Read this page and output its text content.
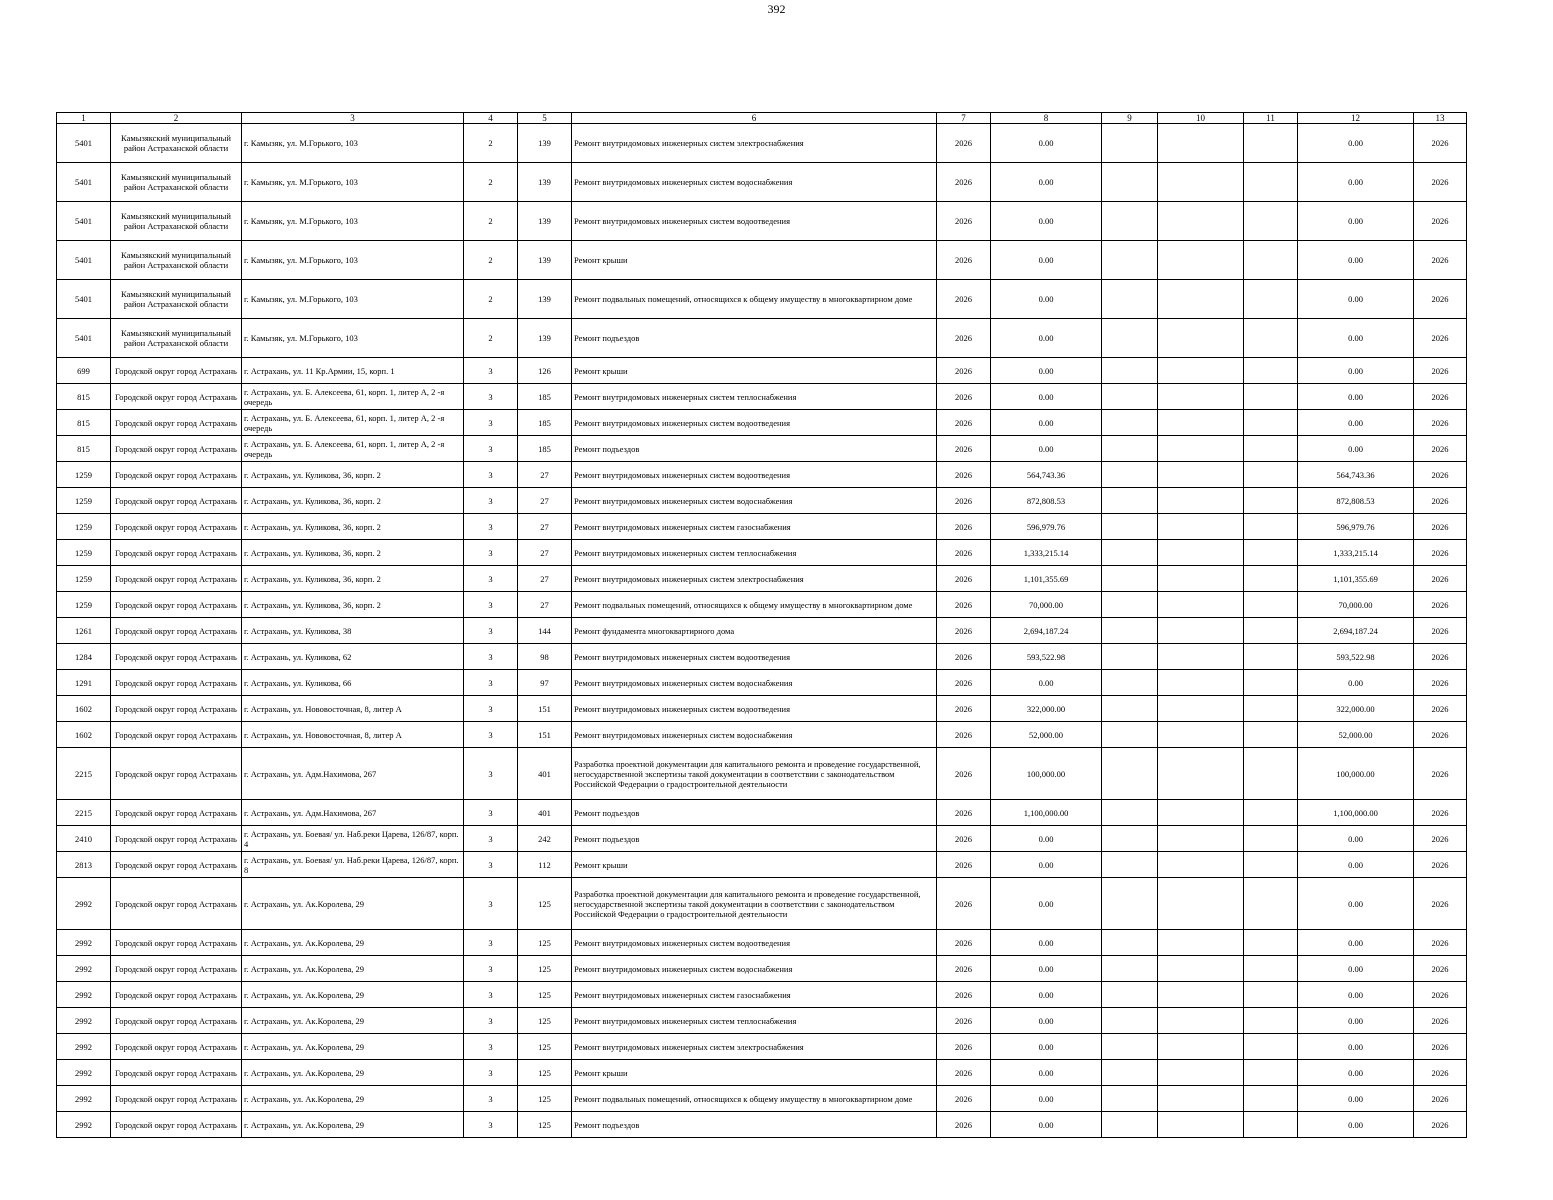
392
1	2	3	4	5	6	7	8	9	10	11	12	13
5401	Камызякский муниципальный район Астраханской области	г. Камызяк, ул. М.Горького, 103	2	139	Ремонт внутридомовых инженерных систем электроснабжения	2026	0.00				0.00	2026
5401	Камызякский муниципальный район Астраханской области	г. Камызяк, ул. М.Горького, 103	2	139	Ремонт внутридомовых инженерных систем водоснабжения	2026	0.00				0.00	2026
5401	Камызякский муниципальный район Астраханской области	г. Камызяк, ул. М.Горького, 103	2	139	Ремонт внутридомовых инженерных систем водоотведения	2026	0.00				0.00	2026
5401	Камызякский муниципальный район Астраханской области	г. Камызяк, ул. М.Горького, 103	2	139	Ремонт крыши	2026	0.00				0.00	2026
5401	Камызякский муниципальный район Астраханской области	г. Камызяк, ул. М.Горького, 103	2	139	Ремонт подвальных помещений, относящихся к общему имуществу в многоквартирном доме	2026	0.00				0.00	2026
5401	Камызякский муниципальный район Астраханской области	г. Камызяк, ул. М.Горького, 103	2	139	Ремонт подъездов	2026	0.00				0.00	2026
699	Городской округ город Астрахань	г. Астрахань, ул. 11 Кр.Армии, 15, корп. 1	3	126	Ремонт крыши	2026	0.00				0.00	2026
815	Городской округ город Астрахань	г. Астрахань, ул. Б. Алексеева, 61, корп. 1, литер А, 2 -я очередь	3	185	Ремонт внутридомовых инженерных систем теплоснабжения	2026	0.00				0.00	2026
815	Городской округ город Астрахань	г. Астрахань, ул. Б. Алексеева, 61, корп. 1, литер А, 2 -я очередь	3	185	Ремонт внутридомовых инженерных систем водоотведения	2026	0.00				0.00	2026
815	Городской округ город Астрахань	г. Астрахань, ул. Б. Алексеева, 61, корп. 1, литер А, 2 -я очередь	3	185	Ремонт подъездов	2026	0.00				0.00	2026
1259	Городской округ город Астрахань	г. Астрахань, ул. Куликова, 36, корп. 2	3	27	Ремонт внутридомовых инженерных систем водоотведения	2026	564,743.36				564,743.36	2026
1259	Городской округ город Астрахань	г. Астрахань, ул. Куликова, 36, корп. 2	3	27	Ремонт внутридомовых инженерных систем водоснабжения	2026	872,808.53				872,808.53	2026
1259	Городской округ город Астрахань	г. Астрахань, ул. Куликова, 36, корп. 2	3	27	Ремонт внутридомовых инженерных систем газоснабжения	2026	596,979.76				596,979.76	2026
1259	Городской округ город Астрахань	г. Астрахань, ул. Куликова, 36, корп. 2	3	27	Ремонт внутридомовых инженерных систем теплоснабжения	2026	1,333,215.14				1,333,215.14	2026
1259	Городской округ город Астрахань	г. Астрахань, ул. Куликова, 36, корп. 2	3	27	Ремонт внутридомовых инженерных систем электроснабжения	2026	1,101,355.69				1,101,355.69	2026
1259	Городской округ город Астрахань	г. Астрахань, ул. Куликова, 36, корп. 2	3	27	Ремонт подвальных помещений, относящихся к общему имуществу в многоквартирном доме	2026	70,000.00				70,000.00	2026
1261	Городской округ город Астрахань	г. Астрахань, ул. Куликова, 38	3	144	Ремонт фундамента многоквартирного дома	2026	2,694,187.24				2,694,187.24	2026
1284	Городской округ город Астрахань	г. Астрахань, ул. Куликова, 62	3	98	Ремонт внутридомовых инженерных систем водоотведения	2026	593,522.98				593,522.98	2026
1291	Городской округ город Астрахань	г. Астрахань, ул. Куликова, 66	3	97	Ремонт внутридомовых инженерных систем водоснабжения	2026	0.00				0.00	2026
1602	Городской округ город Астрахань	г. Астрахань, ул. Нововосточная, 8, литер А	3	151	Ремонт внутридомовых инженерных систем водоотведения	2026	322,000.00				322,000.00	2026
1602	Городской округ город Астрахань	г. Астрахань, ул. Нововосточная, 8, литер А	3	151	Ремонт внутридомовых инженерных систем водоснабжения	2026	52,000.00				52,000.00	2026
2215	Городской округ город Астрахань	г. Астрахань, ул. Адм.Нахимова, 267	3	401	Разработка проектной документации для капитального ремонта и проведение государственной, негосударственной экспертизы такой документации в соответствии с законодательством Российской Федерации о градостроительной деятельности	2026	100,000.00				100,000.00	2026
2215	Городской округ город Астрахань	г. Астрахань, ул. Адм.Нахимова, 267	3	401	Ремонт подъездов	2026	1,100,000.00				1,100,000.00	2026
2410	Городской округ город Астрахань	г. Астрахань, ул. Боевая/ ул. Наб.реки Царева, 126/87, корп. 4	3	242	Ремонт подъездов	2026	0.00				0.00	2026
2813	Городской округ город Астрахань	г. Астрахань, ул. Боевая/ ул. Наб.реки Царева, 126/87, корп. 8	3	112	Ремонт крыши	2026	0.00				0.00	2026
2992	Городской округ город Астрахань	г. Астрахань, ул. Ак.Королева, 29	3	125	Разработка проектной документации для капитального ремонта и проведение государственной, негосударственной экспертизы такой документации в соответствии с законодательством Российской Федерации о градостроительной деятельности	2026	0.00				0.00	2026
2992	Городской округ город Астрахань	г. Астрахань, ул. Ак.Королева, 29	3	125	Ремонт внутридомовых инженерных систем водоотведения	2026	0.00				0.00	2026
2992	Городской округ город Астрахань	г. Астрахань, ул. Ак.Королева, 29	3	125	Ремонт внутридомовых инженерных систем водоснабжения	2026	0.00				0.00	2026
2992	Городской округ город Астрахань	г. Астрахань, ул. Ак.Королева, 29	3	125	Ремонт внутридомовых инженерных систем газоснабжения	2026	0.00				0.00	2026
2992	Городской округ город Астрахань	г. Астрахань, ул. Ак.Королева, 29	3	125	Ремонт внутридомовых инженерных систем теплоснабжения	2026	0.00				0.00	2026
2992	Городской округ город Астрахань	г. Астрахань, ул. Ак.Королева, 29	3	125	Ремонт внутридомовых инженерных систем электроснабжения	2026	0.00				0.00	2026
2992	Городской округ город Астрахань	г. Астрахань, ул. Ак.Королева, 29	3	125	Ремонт крыши	2026	0.00				0.00	2026
2992	Городской округ город Астрахань	г. Астрахань, ул. Ак.Королева, 29	3	125	Ремонт подвальных помещений, относящихся к общему имуществу в многоквартирном доме	2026	0.00				0.00	2026
2992	Городской округ город Астрахань	г. Астрахань, ул. Ак.Королева, 29	3	125	Ремонт подъездов	2026	0.00				0.00	2026
